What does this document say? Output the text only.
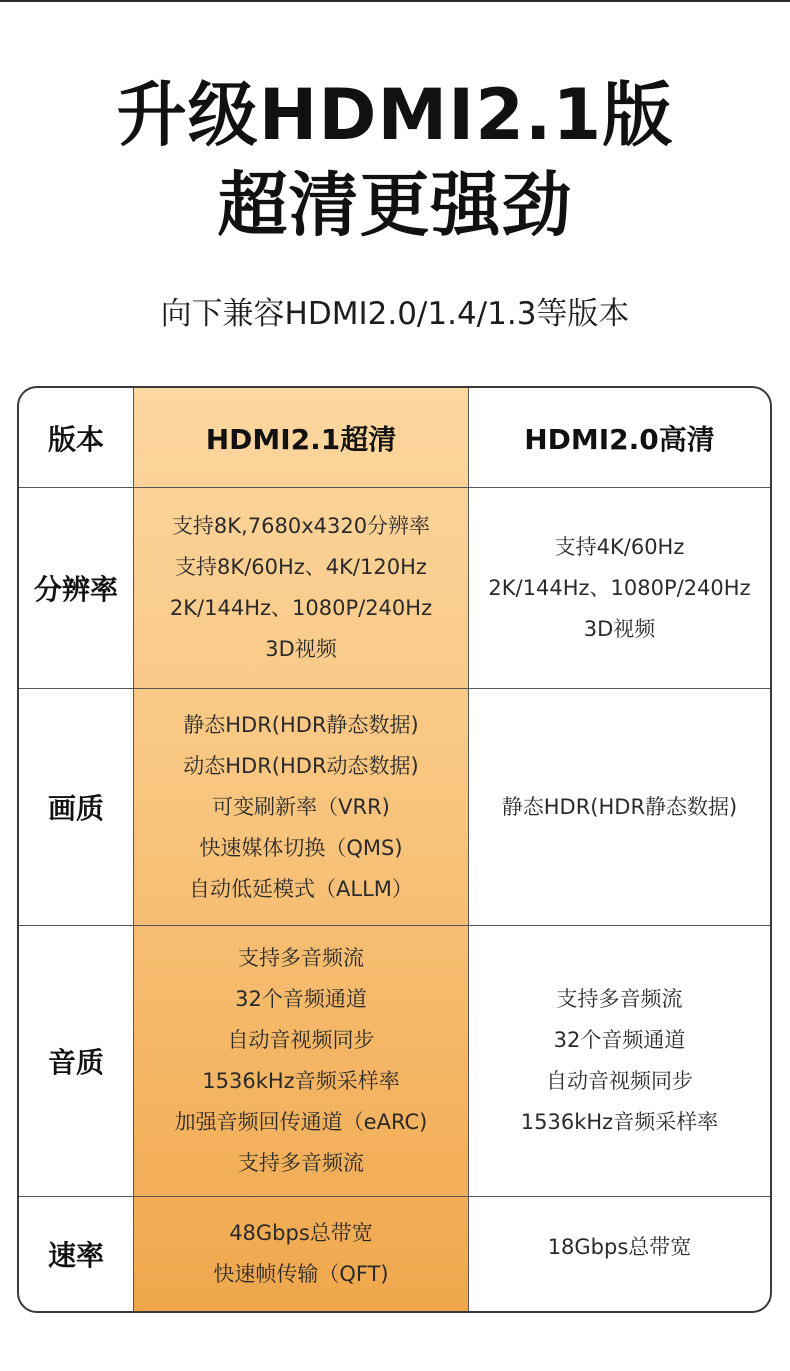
升级HDMI2.1版
超清更强劲
向下兼容HDMI2.0/1.4/1.3等版本
版本	HDMI2.1超清	HDMI2.0高清
分辨率
支持8K,7680x4320分辨率
支持8K/60Hz、4K/120Hz
2K/144Hz、1080P/240Hz
3D视频
支持4K/60Hz
2K/144Hz、1080P/240Hz
3D视频
画质
静态HDR(HDR静态数据)
动态HDR(HDR动态数据)
可变刷新率（VRR)
快速媒体切换（QMS)
自动低延模式（ALLM）
静态HDR(HDR静态数据)
音质
支持多音频流
32个音频通道
自动音视频同步
1536kHz音频采样率
加强音频回传通道（eARC)
支持多音频流
支持多音频流
32个音频通道
自动音视频同步
1536kHz音频采样率
速率
48Gbps总带宽
快速帧传输（QFT)
18Gbps总带宽
